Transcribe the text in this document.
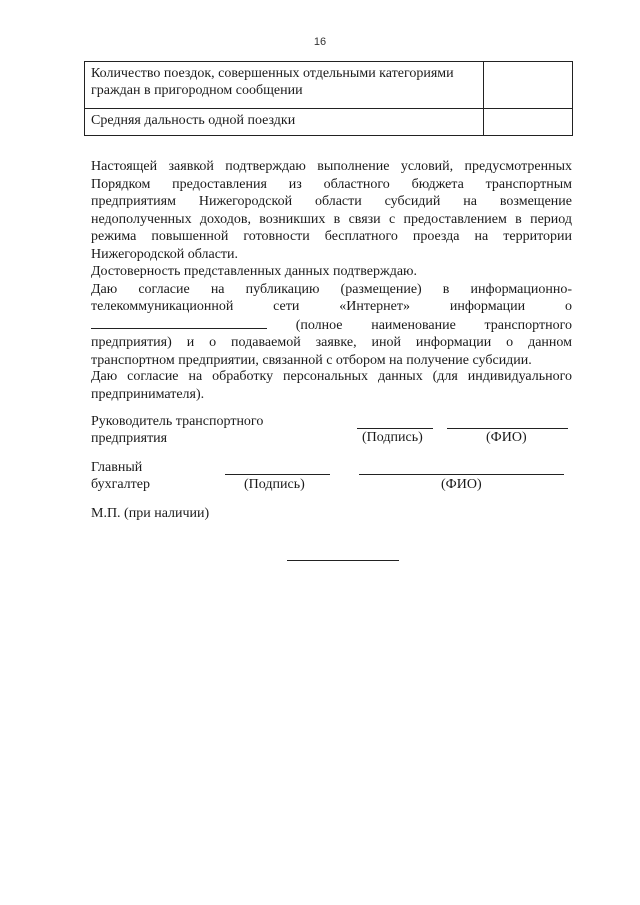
16
Количество поездок, совершенных отдельными категориями граждан в пригородном сообщении	
Средняя дальность одной поездки	
Настоящей заявкой подтверждаю выполнение условий, предусмотренных
Порядком предоставления из областного бюджета транспортным
предприятиям Нижегородской области субсидий на возмещение
недополученных доходов, возникших в связи с предоставлением в период
режима повышенной готовности бесплатного проезда на территории
Нижегородской области.
Достоверность представленных данных подтверждаю.
Даю согласие на публикацию (размещение) в информационно-
телекоммуникационной сети «Интернет» информации о
(полное наименование транспортного
предприятия) и о подаваемой заявке, иной информации о данном
транспортном предприятии, связанной с отбором на получение субсидии.
Даю согласие на обработку персональных данных (для индивидуального
предпринимателя).
Руководитель транспортного
предприятия	(Подпись)	(ФИО)
Главный
бухгалтер	(Подпись)	(ФИО)
М.П. (при наличии)
